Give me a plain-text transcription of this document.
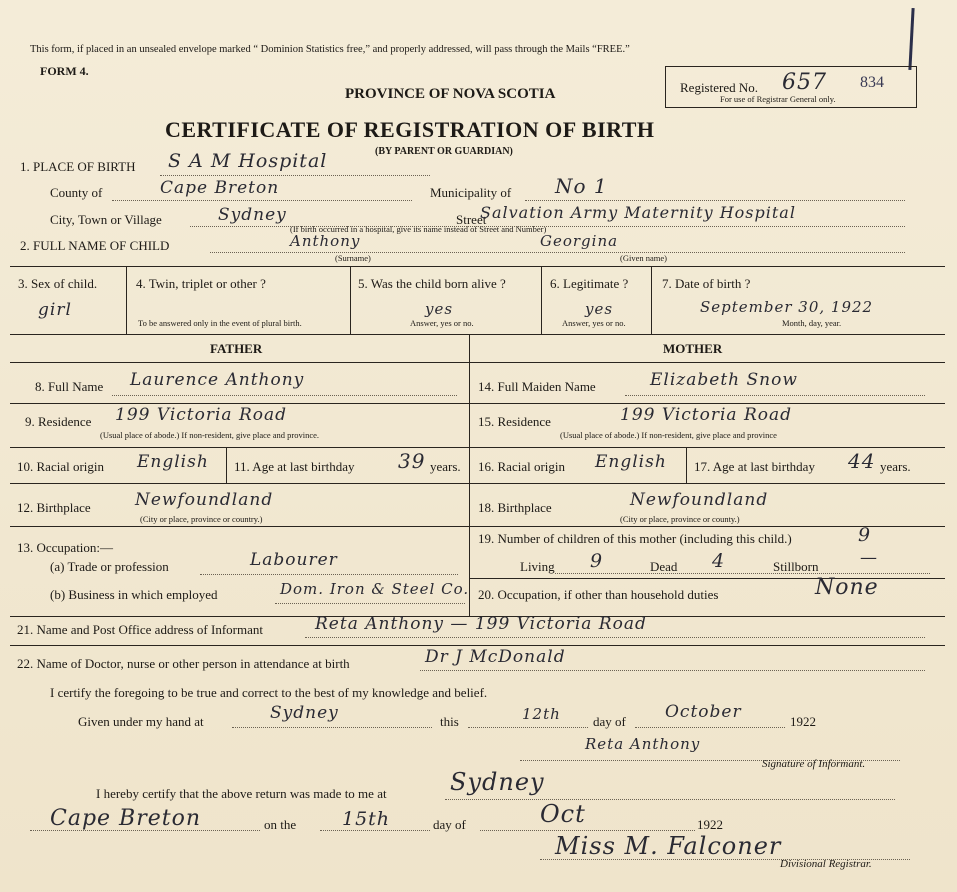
This form, if placed in an unsealed envelope marked “ Dominion Statistics free,” and properly addressed, will pass through the Mails “FREE.”
FORM 4.
PROVINCE OF NOVA SCOTIA	Registered No. 657 834
For use of Registrar General only.
CERTIFICATE OF REGISTRATION OF BIRTH
(BY PARENT OR GUARDIAN)
1. PLACE OF BIRTH S A M Hospital
County of	Cape Breton	Municipality of No 1
City, Town or Village	Sydney
(If birth occurred in a hospital, give its name instead of Street and Number)
Street
Salvation Army Maternity Hospital
2. FULL NAME OF CHILD	Anthony	Georgina
(Surname)	(Given name)
3. Sex of child.
girl
4. Twin, triplet or other ?
To be answered only in the event of plural birth.
5. Was the child born alive ?
yes
Answer, yes or no.
6. Legitimate ?
yes
Answer, yes or no.
7. Date of birth ?
September 30, 1922
Month, day, year.
FATHER	MOTHER
8. Full Name Laurence Anthony
9. Residence 199 Victoria Road
(Usual place of abode.) If non-resident, give place and province.
10. Racial origin English 11. Age at last birthday 39 years.
12. Birthplace	Newfoundland
(City or place, province or country.)
13. Occupation:—
(a) Trade or profession	Labourer
(b) Business in which employed	Dom. Iron & Steel Co.
14. Full Maiden Name	Elizabeth Snow
15. Residence	199 Victoria Road
(Usual place of abode.) If non-resident, give place and province
16. Racial origin English 17. Age at last birthday 44 years.
18. Birthplace	Newfoundland
(City or place, province or county.)
19. Number of children of this mother (including this child.)	9
Living 9	Dead 4	Stillborn —
20. Occupation, if other than household duties	None
21. Name and Post Office address of Informant	Reta Anthony — 199 Victoria Road
22. Name of Doctor, nurse or other person in attendance at birth	Dr J McDonald
I certify the foregoing to be true and correct to the best of my knowledge and belief.
Given under my hand at	Sydney	this	12th day of October	1922
Reta Anthony
Signature of Informant.
I hereby certify that the above return was made to me at	Sydney
Cape Breton	on the 15th	day of	Oct	1922
Miss M. Falconer
Divisional Registrar.
